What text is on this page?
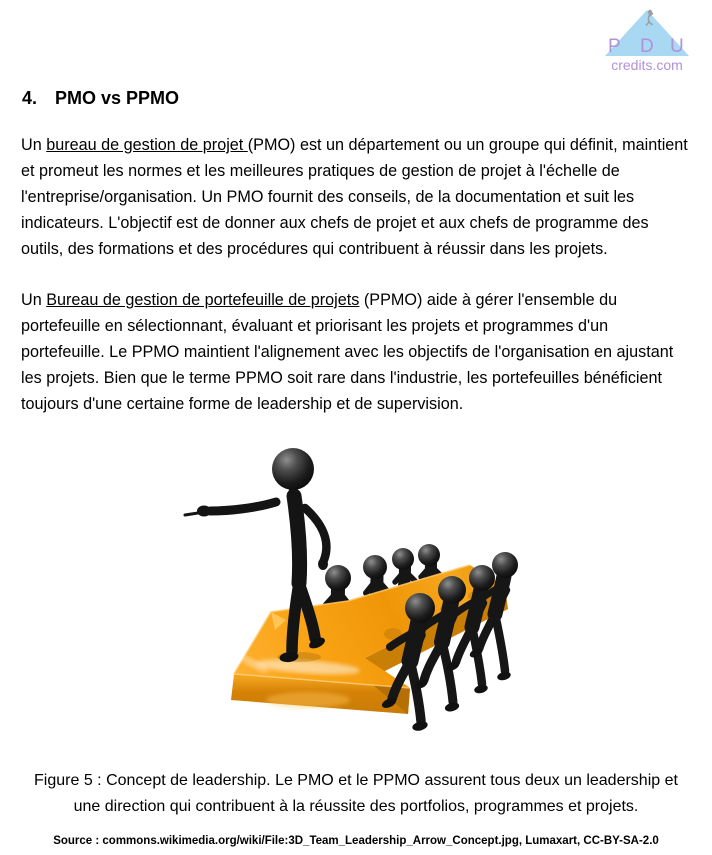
P D U
credits.com
4. PMO vs PPMO

Un bureau de gestion de projet (PMO) est un département ou un groupe qui définit, maintient et promeut les normes et les meilleures pratiques de gestion de projet à l'échelle de l'entreprise/organisation. Un PMO fournit des conseils, de la documentation et suit les indicateurs. L'objectif est de donner aux chefs de projet et aux chefs de programme des outils, des formations et des procédures qui contribuent à réussir dans les projets.

Un Bureau de gestion de portefeuille de projets (PPMO) aide à gérer l'ensemble du portefeuille en sélectionnant, évaluant et priorisant les projets et programmes d'un portefeuille. Le PPMO maintient l'alignement avec les objectifs de l'organisation en ajustant les projets. Bien que le terme PPMO soit rare dans l'industrie, les portefeuilles bénéficient toujours d'une certaine forme de leadership et de supervision.

Figure 5 : Concept de leadership. Le PMO et le PPMO assurent tous deux un leadership et une direction qui contribuent à la réussite des portfolios, programmes et projets.
Source : commons.wikimedia.org/wiki/File:3D_Team_Leadership_Arrow_Concept.jpg, Lumaxart, CC-BY-SA-2.0
